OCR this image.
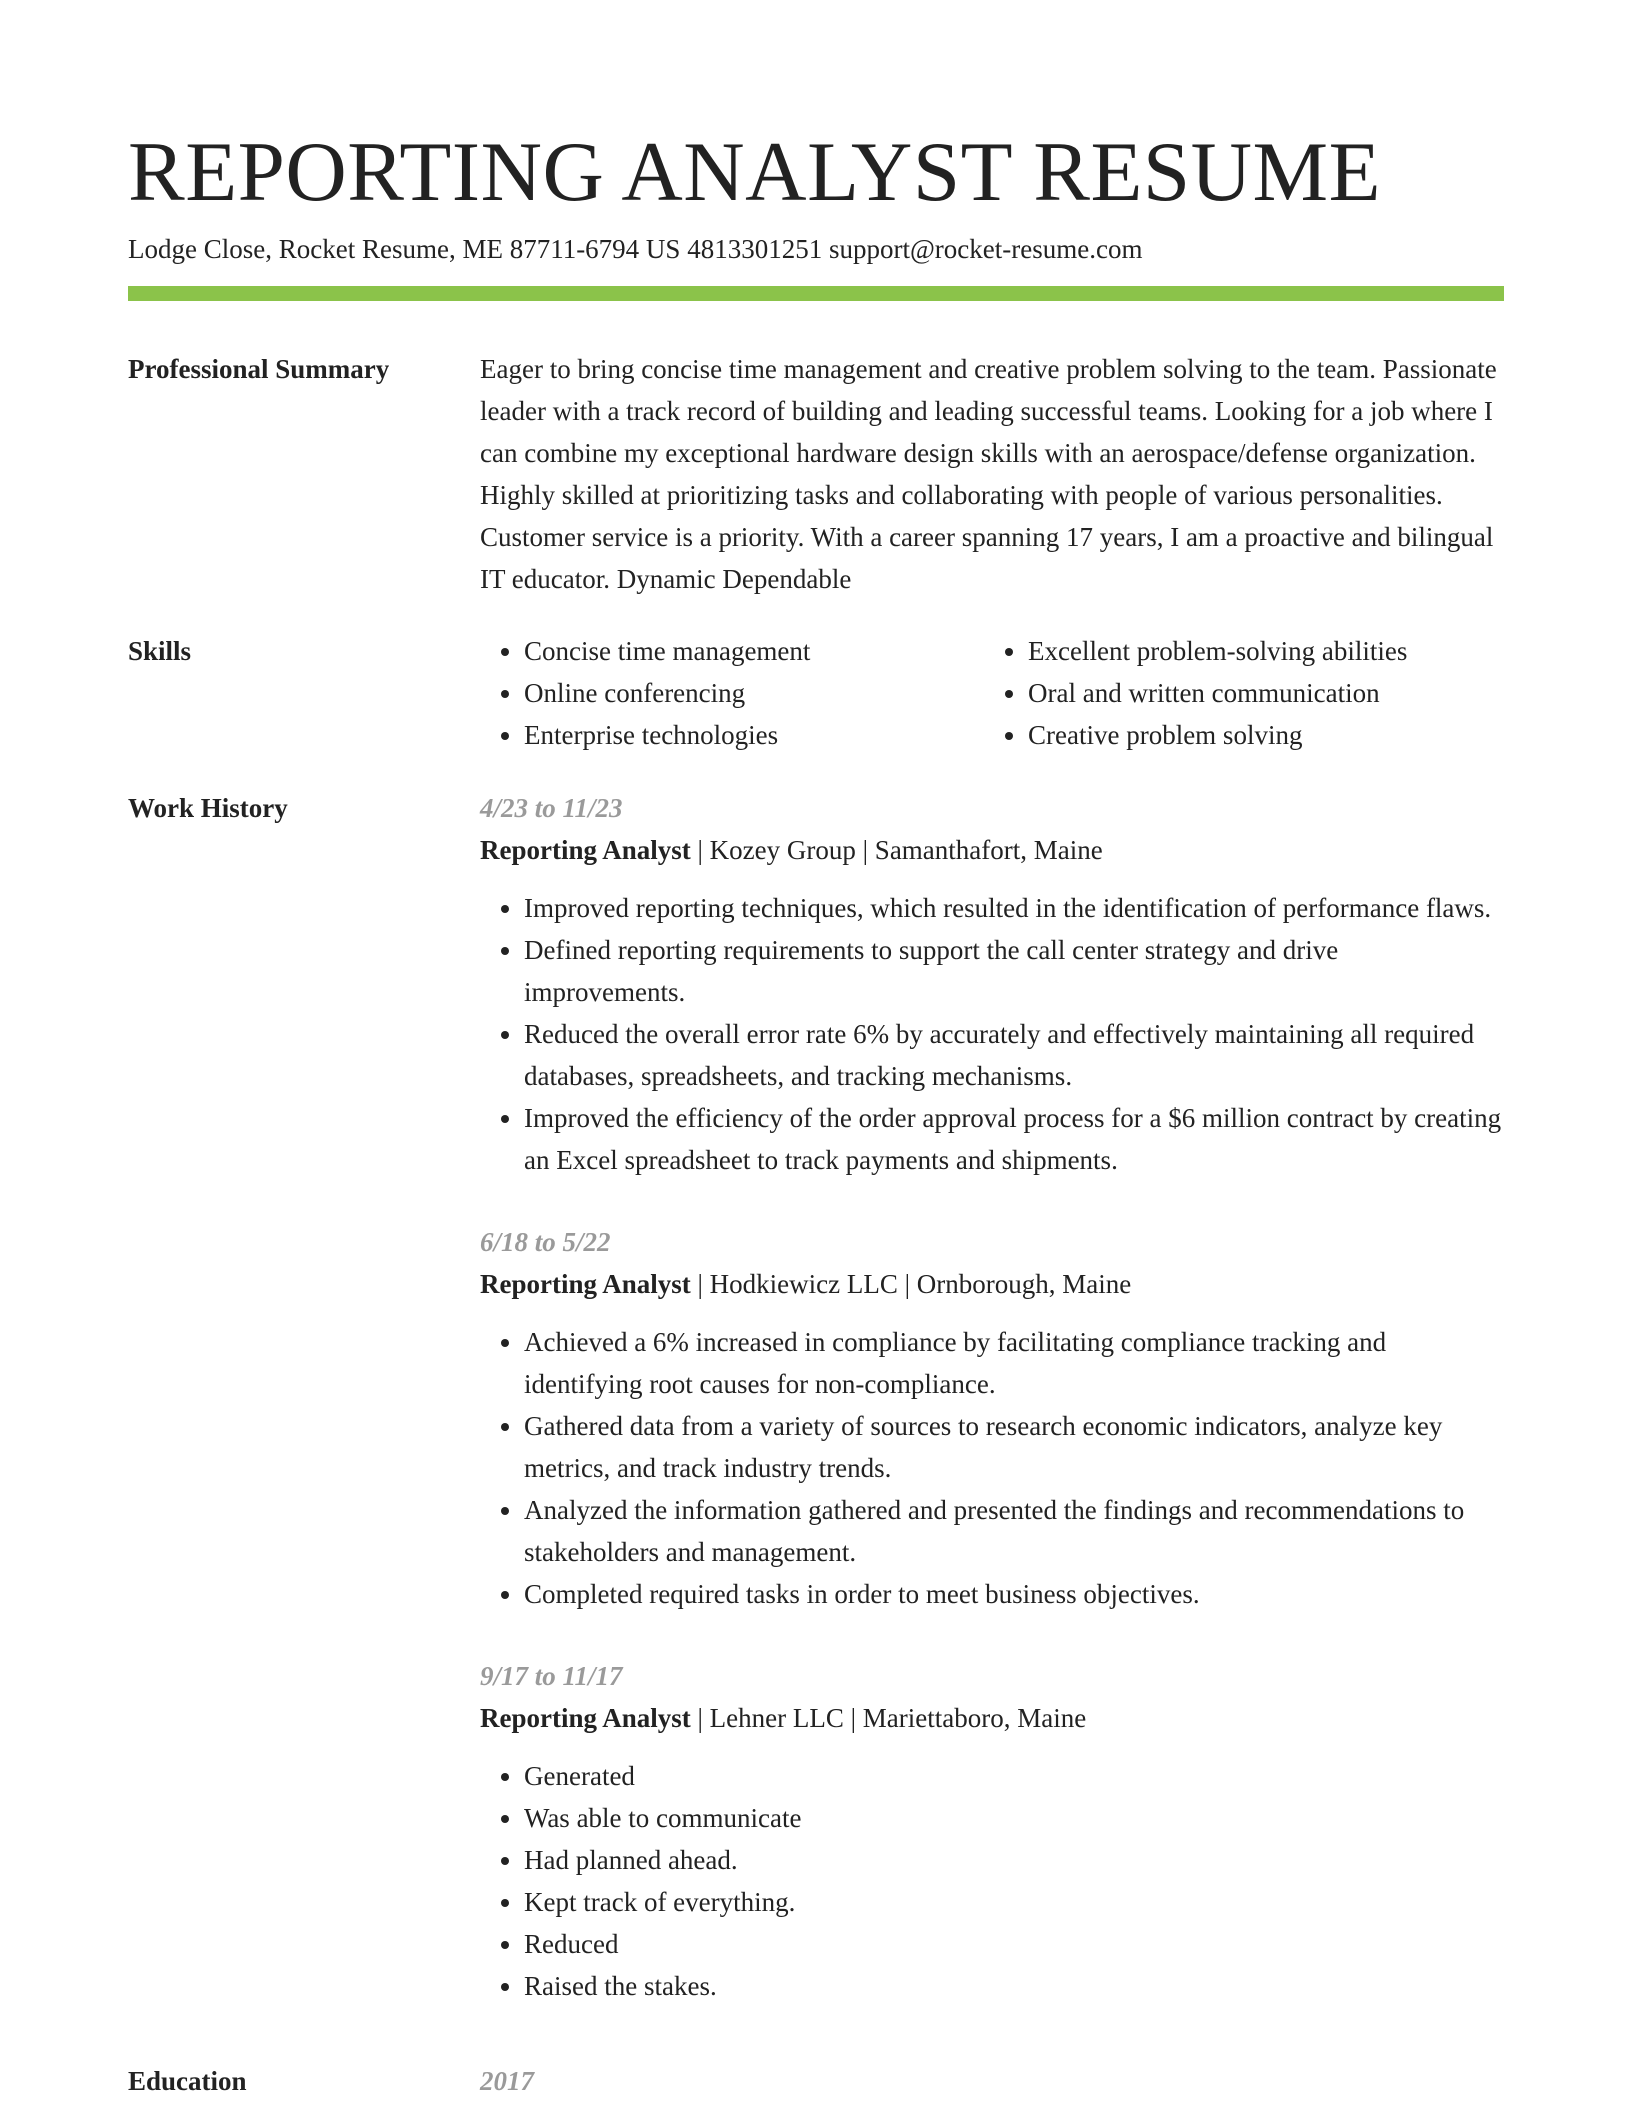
REPORTING ANALYST RESUME
Lodge Close, Rocket Resume, ME 87711-6794 US 4813301251 support@rocket-resume.com
Professional Summary	Eager to bring concise time management and creative problem solving to the team. Passionate leader with a track record of building and leading successful teams. Looking for a job where I can combine my exceptional hardware design skills with an aerospace/defense organization. Highly skilled at prioritizing tasks and collaborating with people of various personalities. Customer service is a priority. With a career spanning 17 years, I am a proactive and bilingual IT educator. Dynamic Dependable

Skills
•	Concise time management
• Online conferencing
• Enterprise technologies
• Excellent problem-solving abilities
• Oral and written communication
• Creative problem solving
Work History	4/23 to 11/23
Reporting Analyst | Kozey Group | Samanthafort, Maine
• Improved reporting techniques, which resulted in the identification of performance flaws.
• Defined reporting requirements to support the call center strategy and drive improvements.
• Reduced the overall error rate 6% by accurately and effectively maintaining all required databases, spreadsheets, and tracking mechanisms.
• Improved the efficiency of the order approval process for a $6 million contract by creating an Excel spreadsheet to track payments and shipments.
6/18 to 5/22
Reporting Analyst | Hodkiewicz LLC | Ornborough, Maine
• Achieved a 6% increased in compliance by facilitating compliance tracking and identifying root causes for non-compliance.
• Gathered data from a variety of sources to research economic indicators, analyze key metrics, and track industry trends.
• Analyzed the information gathered and presented the findings and recommendations to stakeholders and management.
• Completed required tasks in order to meet business objectives.
9/17 to 11/17
Reporting Analyst | Lehner LLC | Mariettaboro, Maine
• Generated
• Was able to communicate
• Had planned ahead.
• Kept track of everything.
• Reduced
• Raised the stakes.
Education	2017
